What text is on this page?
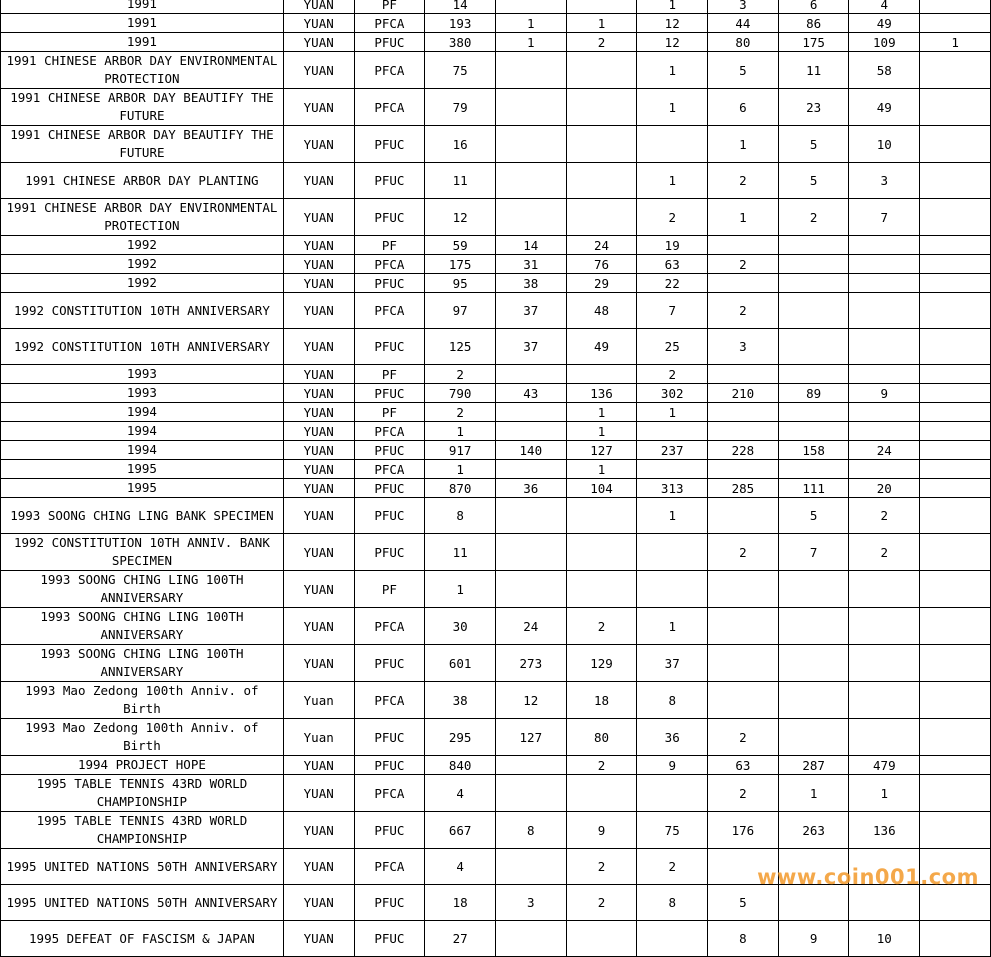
1991	YUAN	PF	14			1	3	6	4	
1991	YUAN	PFCA	193	1	1	12	44	86	49	
1991	YUAN	PFUC	380	1	2	12	80	175	109	1
1991 CHINESE ARBOR DAY ENVIRONMENTAL PROTECTION	YUAN	PFCA	75			1	5	11	58	
1991 CHINESE ARBOR DAY BEAUTIFY THE FUTURE	YUAN	PFCA	79			1	6	23	49	
1991 CHINESE ARBOR DAY BEAUTIFY THE FUTURE	YUAN	PFUC	16				1	5	10	
1991 CHINESE ARBOR DAY PLANTING	YUAN	PFUC	11			1	2	5	3	
1991 CHINESE ARBOR DAY ENVIRONMENTAL PROTECTION	YUAN	PFUC	12			2	1	2	7	
1992	YUAN	PF	59	14	24	19				
1992	YUAN	PFCA	175	31	76	63	2			
1992	YUAN	PFUC	95	38	29	22				
1992 CONSTITUTION 10TH ANNIVERSARY	YUAN	PFCA	97	37	48	7	2			
1992 CONSTITUTION 10TH ANNIVERSARY	YUAN	PFUC	125	37	49	25	3			
1993	YUAN	PF	2			2				
1993	YUAN	PFUC	790	43	136	302	210	89	9	
1994	YUAN	PF	2		1	1				
1994	YUAN	PFCA	1		1					
1994	YUAN	PFUC	917	140	127	237	228	158	24	
1995	YUAN	PFCA	1		1					
1995	YUAN	PFUC	870	36	104	313	285	111	20	
1993 SOONG CHING LING BANK SPECIMEN	YUAN	PFUC	8			1		5	2	
1992 CONSTITUTION 10TH ANNIV. BANK SPECIMEN	YUAN	PFUC	11				2	7	2	
1993 SOONG CHING LING 100TH ANNIVERSARY	YUAN	PF	1							
1993 SOONG CHING LING 100TH ANNIVERSARY	YUAN	PFCA	30	24	2	1				
1993 SOONG CHING LING 100TH ANNIVERSARY	YUAN	PFUC	601	273	129	37				
1993 Mao Zedong 100th Anniv. of Birth	Yuan	PFCA	38	12	18	8				
1993 Mao Zedong 100th Anniv. of Birth	Yuan	PFUC	295	127	80	36	2			
1994 PROJECT HOPE	YUAN	PFUC	840		2	9	63	287	479	
1995 TABLE TENNIS 43RD WORLD CHAMPIONSHIP	YUAN	PFCA	4				2	1	1	
1995 TABLE TENNIS 43RD WORLD CHAMPIONSHIP	YUAN	PFUC	667	8	9	75	176	263	136	
1995 UNITED NATIONS 50TH ANNIVERSARY	YUAN	PFCA	4		2	2				
1995 UNITED NATIONS 50TH ANNIVERSARY	YUAN	PFUC	18	3	2	8	5			
1995 DEFEAT OF FASCISM & JAPAN	YUAN	PFUC	27				8	9	10	
www.coin001.com
